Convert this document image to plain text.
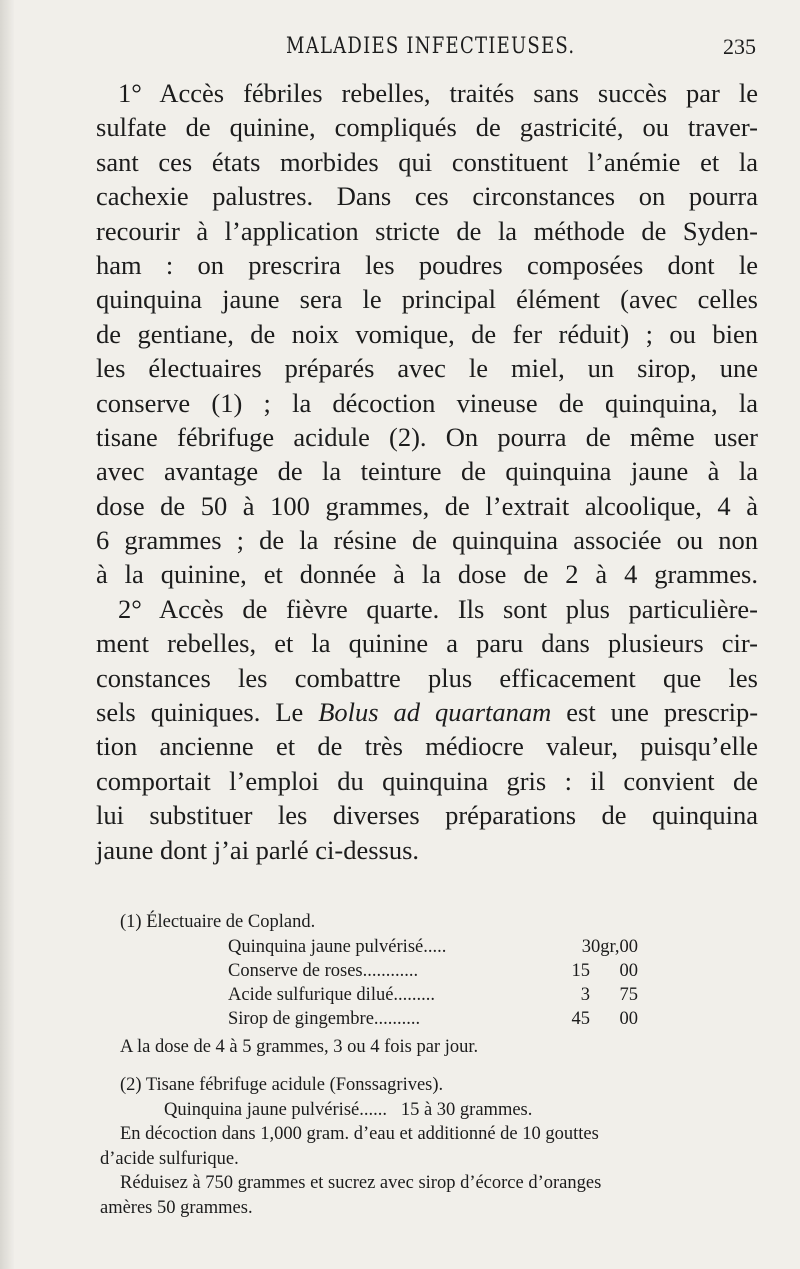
MALADIES INFECTIEUSES.	235
1° Accès fébriles rebelles, traités sans succès par le
sulfate de quinine, compliqués de gastricité, ou traver-
sant ces états morbides qui constituent l’anémie et la
cachexie palustres. Dans ces circonstances on pourra
recourir à l’application stricte de la méthode de Syden-
ham : on prescrira les poudres composées dont le
quinquina jaune sera le principal élément (avec celles
de gentiane, de noix vomique, de fer réduit) ; ou bien
les électuaires préparés avec le miel, un sirop, une
conserve (1) ; la décoction vineuse de quinquina, la
tisane fébrifuge acidule (2). On pourra de même user
avec avantage de la teinture de quinquina jaune à la
dose de 50 à 100 grammes, de l’extrait alcoolique, 4 à
6 grammes ; de la résine de quinquina associée ou non
à la quinine, et donnée à la dose de 2 à 4 grammes.
2° Accès de fièvre quarte. Ils sont plus particulière-
ment rebelles, et la quinine a paru dans plusieurs cir-
constances les combattre plus efficacement que les
sels quiniques. Le Bolus ad quartanam est une prescrip-
tion ancienne et de très médiocre valeur, puisqu’elle
comportait l’emploi du quinquina gris : il convient de
lui substituer les diverses préparations de quinquina
jaune dont j’ai parlé ci-dessus.
(1) Électuaire de Copland.
Quinquina jaune pulvérisé.....	30gr,00
Conserve de roses............	15	00
Acide sulfurique dilué.........	3	75
Sirop de gingembre..........	45	00
A la dose de 4 à 5 grammes, 3 ou 4 fois par jour.
(2) Tisane fébrifuge acidule (Fonssagrives).
Quinquina jaune pulvérisé......   15 à 30 grammes.
En décoction dans 1,000 gram. d’eau et additionné de 10 gouttes
d’acide sulfurique.
Réduisez à 750 grammes et sucrez avec sirop d’écorce d’oranges
amères 50 grammes.
